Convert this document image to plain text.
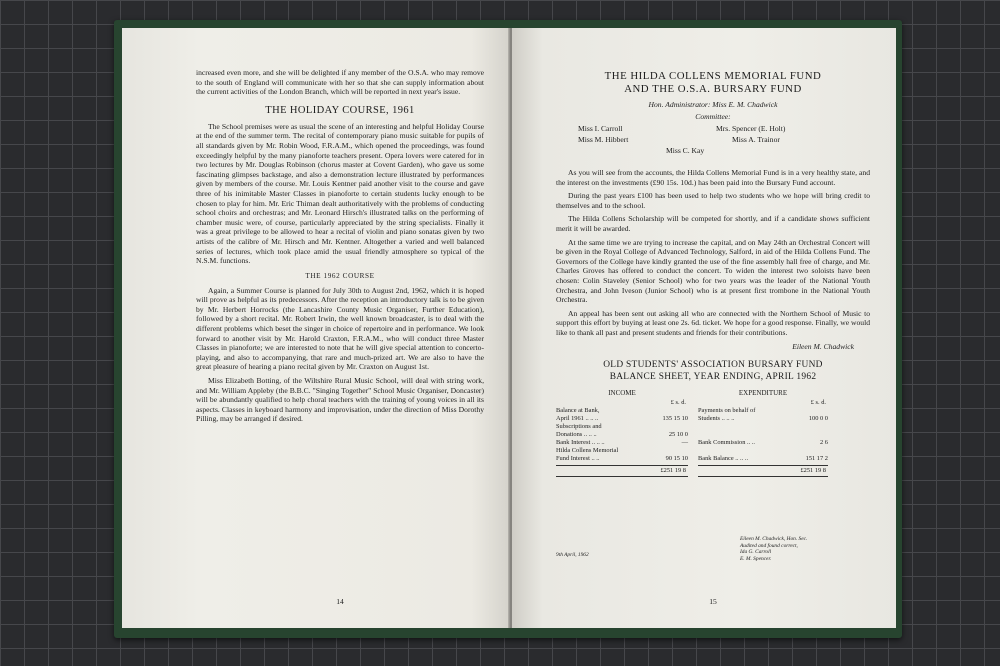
increased even more, and she will be delighted if any member of the O.S.A. who may remove to the south of England will communicate with her so that she can supply information about the current activities of the London Branch, which will be reported in next year's issue.

THE HOLIDAY COURSE, 1961

The School premises were as usual the scene of an interesting and helpful Holiday Course at the end of the summer term. The recital of contemporary piano music suitable for pupils of all standards given by Mr. Robin Wood, F.R.A.M., which opened the proceedings, was found exceedingly helpful by the many pianoforte teachers present. Opera lovers were catered for in two lectures by Mr. Douglas Robinson (chorus master at Covent Garden), who gave us some fascinating glimpses backstage, and also a demonstration lecture illustrated by performances given by members of the course. Mr. Louis Kentner paid another visit to the course and gave three of his inimitable Master Classes in pianoforte to certain students lucky enough to be chosen to play for him. Mr. Eric Thiman dealt authoritatively with the problems of conducting school choirs and orchestras; and Mr. Leonard Hirsch's illustrated talks on the performing of chamber music were, of course, particularly appreciated by the string specialists. Finally it was a great privilege to be allowed to hear a recital of violin and piano sonatas given by two artists of the calibre of Mr. Hirsch and Mr. Kentner. Altogether a varied and well balanced series of lectures, which took place amid the usual friendly atmosphere so typical of the N.S.M. functions.

THE 1962 COURSE

Again, a Summer Course is planned for July 30th to August 2nd, 1962, which it is hoped will prove as helpful as its predecessors. After the reception an introductory talk is to be given by Mr. Herbert Horrocks (the Lancashire County Music Organiser, Further Education), followed by a short recital. Mr. Robert Irwin, the well known broadcaster, is to deal with the different problems which beset the singer in choice of repertoire and in performance. We look forward to another visit by Mr. Harold Craxton, F.R.A.M., who will conduct three Master Classes in pianoforte; we are interested to note that he will give special attention to concerto-playing, and also to accompanying, that rare and much-prized art. We are also to have the great pleasure of hearing a piano recital given by Mr. Craxton on August 1st.

Miss Elizabeth Botting, of the Wiltshire Rural Music School, will deal with string work, and Mr. William Appleby (the B.B.C. "Singing Together" School Music Organiser, Doncaster) will be abundantly qualified to help choral teachers with the training of young voices in all its aspects. Classes in keyboard harmony and improvisation, under the direction of Miss Dorothy Pilling, may be arranged if desired.

14
THE HILDA COLLENS MEMORIAL FUND
AND THE O.S.A. BURSARY FUND
Hon. Administrator: Miss E. M. Chadwick
Committee:
Miss I. Carroll	Mrs. Spencer (E. Holt)
Miss M. Hibbert	Miss A. Trainor
Miss C. Kay

As you will see from the accounts, the Hilda Collens Memorial Fund is in a very healthy state, and the interest on the investments (£90 15s. 10d.) has been paid into the Bursary Fund account.

During the past years £100 has been used to help two students who we hope will bring credit to themselves and to the school.

The Hilda Collens Scholarship will be competed for shortly, and if a candidate shows sufficient merit it will be awarded.

At the same time we are trying to increase the capital, and on May 24th an Orchestral Concert will be given in the Royal College of Advanced Technology, Salford, in aid of the Hilda Collens Fund. The Governors of the College have kindly granted the use of the fine assembly hall free of charge, and Mr. Charles Groves has offered to conduct the concert. To widen the interest two soloists have been chosen: Colin Staveley (Senior School) who for two years was the leader of the National Youth Orchestra, and John Iveson (Junior School) who is at present first trombone in the National Youth Orchestra.

An appeal has been sent out asking all who are connected with the Northern School of Music to support this effort by buying at least one 2s. 6d. ticket. We hope for a good response. Finally, we would like to thank all past and present students and friends for their contributions.

Eileen M. Chadwick
OLD STUDENTS' ASSOCIATION BURSARY FUND
BALANCE SHEET, YEAR ENDING, APRIL 1962
INCOME
£ s. d.
Balance at Bank,
April 1961 .. .. ..	135 15 10
Subscriptions and
Donations .. .. ..	25 10 0
Bank Interest .. .. ..	—
Hilda Collens Memorial
Fund Interest .. ..	90 15 10
£251 19 8
EXPENDITURE
£ s. d.
Payments on behalf of
Students .. .. ..	100 0 0

Bank Commission .. ..	2 6

Bank Balance .. .. ..	151 17 2
£251 19 8
9th April, 1962
Eileen M. Chadwick, Hon. Sec.
Audited and found correct,
Ida G. Carroll
E. M. Spencer.
15
